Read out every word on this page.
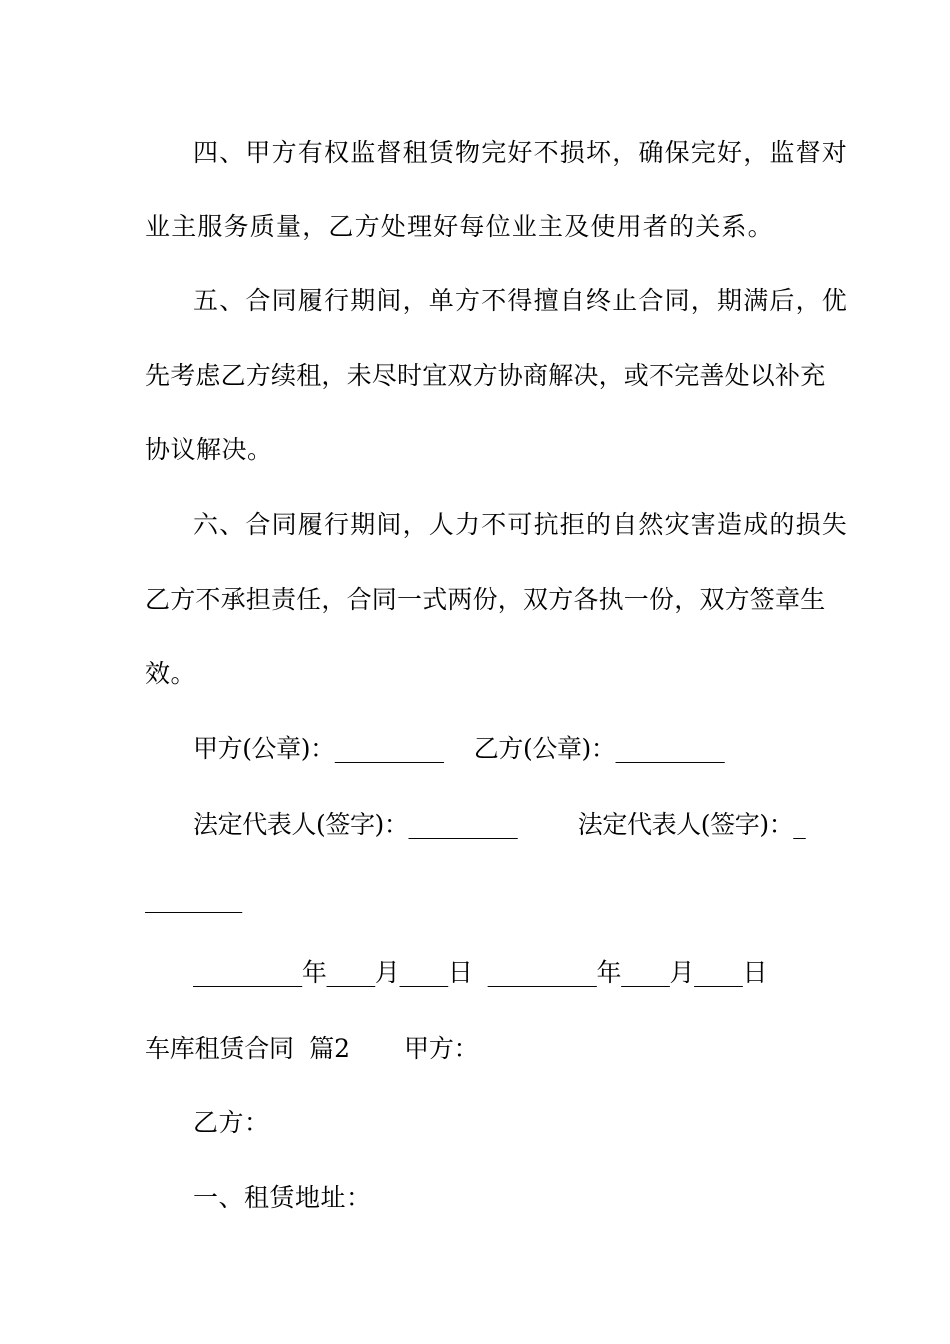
四、甲方有权监督租赁物完好不损坏，确保完好，监督对
业主服务质量，乙方处理好每位业主及使用者的关系。
五、合同履行期间，单方不得擅自终止合同，期满后，优
先考虑乙方续租，未尽时宜双方协商解决，或不完善处以补充
协议解决。
六、合同履行期间，人力不可抗拒的自然灾害造成的损失
乙方不承担责任，合同一式两份，双方各执一份，双方签章生
效。
甲方(公章)：_________    乙方(公章)：_________
法定代表人(签字)：_________        法定代表人(签字)：_
________
_________年____月____日  _________年____月____日
车库租赁合同  篇2       甲方：
乙方：
一、租赁地址：
